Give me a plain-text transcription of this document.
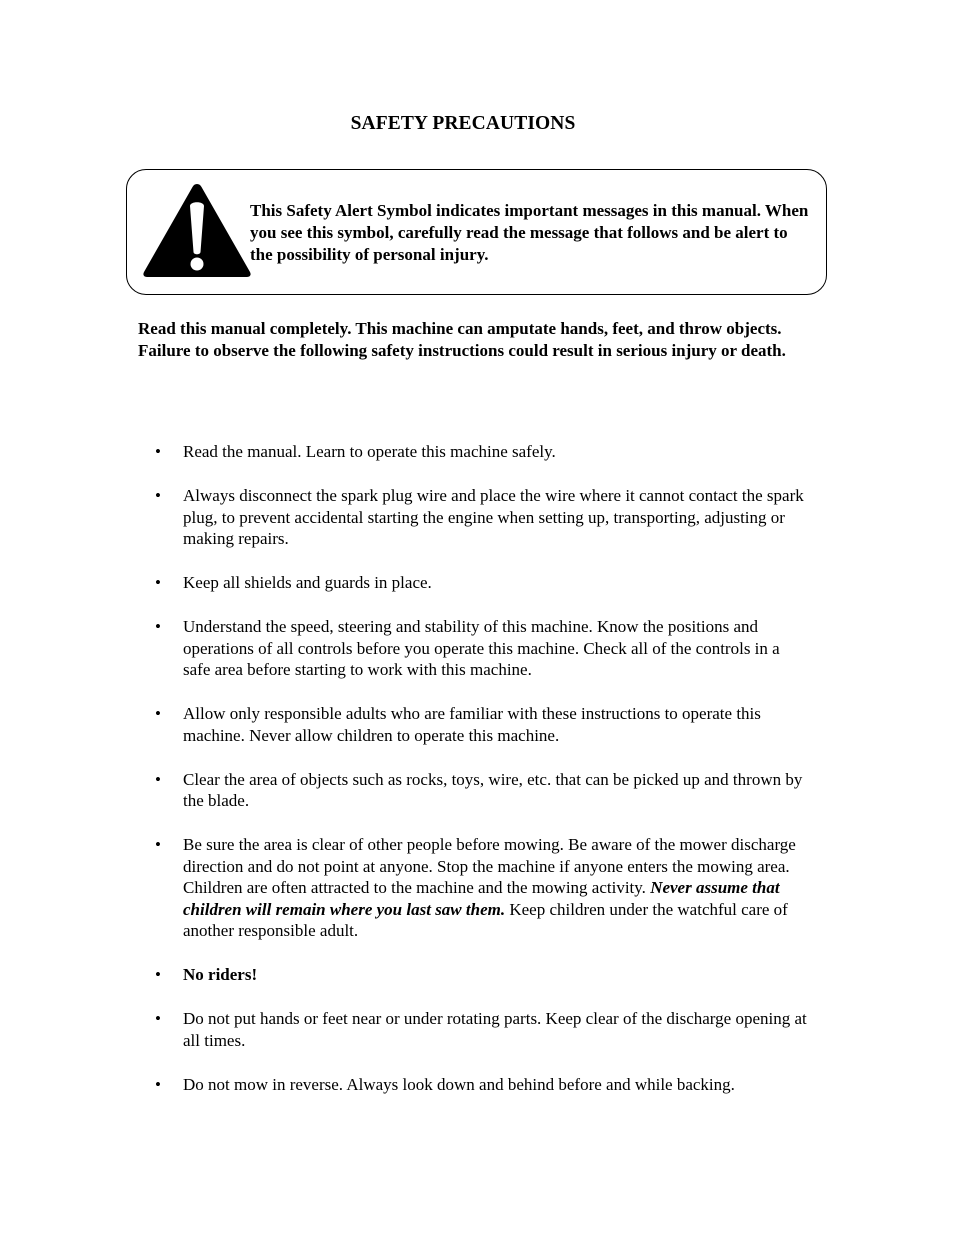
SAFETY PRECAUTIONS

This Safety Alert Symbol indicates important messages in this manual. When you see this symbol, carefully read the message that follows and be alert to the possibility of personal injury.

Read this manual completely. This machine can amputate hands, feet, and throw objects. Failure to observe the following safety instructions could result in serious injury or death.

• Read the manual. Learn to operate this machine safely.
• Always disconnect the spark plug wire and place the wire where it cannot contact the spark plug, to prevent accidental starting the engine when setting up, transporting, adjusting or making repairs.
• Keep all shields and guards in place.
• Understand the speed, steering and stability of this machine. Know the positions and operations of all controls before you operate this machine. Check all of the controls in a safe area before starting to work with this machine.
• Allow only responsible adults who are familiar with these instructions to operate this machine. Never allow children to operate this machine.
• Clear the area of objects such as rocks, toys, wire, etc. that can be picked up and thrown by the blade.
• Be sure the area is clear of other people before mowing. Be aware of the mower discharge direction and do not point at anyone. Stop the machine if anyone enters the mowing area. Children are often attracted to the machine and the mowing activity. Never assume that children will remain where you last saw them. Keep children under the watchful care of another responsible adult.
• No riders!
• Do not put hands or feet near or under rotating parts. Keep clear of the discharge opening at all times.
• Do not mow in reverse. Always look down and behind before and while backing.
